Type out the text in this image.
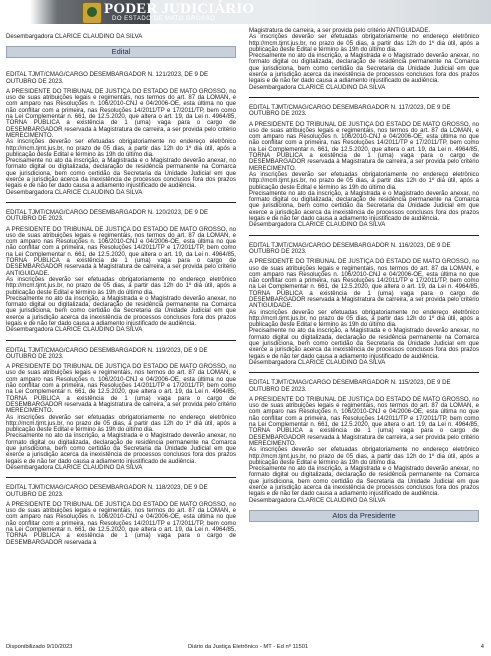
PODER JUDICIÁRIO
DO ESTADO DE MATO GROSSO

Desembargadora CLARICE CLAUDINO DA SILVA

Edital

EDITAL TJMT/CMAG/CARGO DESEMBARGADOR N. 121/2023, DE 9 DE OUTUBRO DE 2023.

A PRESIDENTE DO TRIBUNAL DE JUSTIÇA DO ESTADO DE MATO GROSSO, no uso de suas atribuições legais e regimentais, nos termos do art. 87 da LOMAN, e com amparo nas Resoluções n. 106/2010-CNJ e 04/2006-OE, esta última no que não conflitar com a primeira, nas Resoluções 14/2011/TP e 17/2011/TP, bem como na Lei Complementar n. 661, de 12.5.2020, que altera o art. 19, da Lei n. 4964/85, TORNA PÚBLICA a existência de 1 (uma) vaga para o cargo de DESEMBARGADOR reservada à Magistratura de carreira, a ser provida pelo critério MERECIMENTO.

As inscrições deverão ser efetuadas obrigatoriamente no endereço eletrônico http://mcm.tjmt.jus.br, no prazo de 05 dias, a partir das 12h do 1º dia útil, após a publicação deste Edital e término às 19h do último dia.

Precisamente no ato da inscrição, a Magistrada e o Magistrado deverão anexar, no formato digital ou digitalizada, declaração de residência permanente na Comarca que jurisdiciona, bem como certidão da Secretaria da Unidade Judicial em que exerce a jurisdição acerca da inexistência de processos conclusos fora dos prazos legais e de não ter dado causa a adiamento injustificado de audiência.

Desembargadora CLARICE CLAUDINO DA SILVA

EDITAL TJMT/CMAG/CARGO DESEMBARGADOR N. 120/2023, DE 9 DE OUTUBRO DE 2023.

A PRESIDENTE DO TRIBUNAL DE JUSTIÇA DO ESTADO DE MATO GROSSO, no uso de suas atribuições legais e regimentais, nos termos do art. 87 da LOMAN, e com amparo nas Resoluções n. 106/2010-CNJ e 04/2006-OE, esta última no que não conflitar com a primeira, nas Resoluções 14/2011/TP e 17/2011/TP, bem como na Lei Complementar n. 661, de 12.5.2020, que altera o art. 19, da Lei n. 4964/85, TORNA PÚBLICA a existência de 1 (uma) vaga para o cargo de DESEMBARGADOR reservada à Magistratura de carreira, a ser provida pelo critério ANTIGUIDADE.

As inscrições deverão ser efetuadas obrigatoriamente no endereço eletrônico http://mcm.tjmt.jus.br, no prazo de 05 dias, a partir das 12h do 1º dia útil, após a publicação deste Edital e término às 19h do último dia.

Precisamente no ato da inscrição, a Magistrada e o Magistrado deverão anexar, no formato digital ou digitalizada, declaração de residência permanente na Comarca que jurisdiciona, bem como certidão da Secretaria da Unidade Judicial em que exerce a jurisdição acerca da inexistência de processos conclusos fora dos prazos legais e de não ter dado causa a adiamento injustificado de audiência.

Desembargadora CLARICE CLAUDINO DA SILVA

EDITAL TJMT/CMAG/CARGO DESEMBARGADOR N. 119/2023, DE 9 DE OUTUBRO DE 2023.

A PRESIDENTE DO TRIBUNAL DE JUSTIÇA DO ESTADO DE MATO GROSSO, no uso de suas atribuições legais e regimentais, nos termos do art. 87 da LOMAN, e com amparo nas Resoluções n. 106/2010-CNJ e 04/2006-OE, esta última no que não conflitar com a primeira, nas Resoluções 14/2011/TP e 17/2011/TP, bem como na Lei Complementar n. 661, de 12.5.2020, que altera o art. 19, da Lei n. 4964/85, TORNA PÚBLICA a existência de 1 (uma) vaga para o cargo de DESEMBARGADOR reservada à Magistratura de carreira, a ser provida pelo critério MERECIMENTO.

As inscrições deverão ser efetuadas obrigatoriamente no endereço eletrônico http://mcm.tjmt.jus.br, no prazo de 05 dias, a partir das 12h do 1º dia útil, após a publicação deste Edital e término às 19h do último dia.

Precisamente no ato da inscrição, a Magistrada e o Magistrado deverão anexar, no formato digital ou digitalizada, declaração de residência permanente na Comarca que jurisdiciona, bem como certidão da Secretaria da Unidade Judicial em que exerce a jurisdição acerca da inexistência de processos conclusos fora dos prazos legais e de não ter dado causa a adiamento injustificado de audiência.

Desembargadora CLARICE CLAUDINO DA SILVA

EDITAL TJMT/CMAG/CARGO DESEMBARGADOR N. 118/2023, DE 9 DE OUTUBRO DE 2023.

A PRESIDENTE DO TRIBUNAL DE JUSTIÇA DO ESTADO DE MATO GROSSO, no uso de suas atribuições legais e regimentais, nos termos do art. 87 da LOMAN, e com amparo nas Resoluções n. 106/2010-CNJ e 04/2006-OE, esta última no que não conflitar com a primeira, nas Resoluções 14/2011/TP e 17/2011/TP, bem como na Lei Complementar n. 661, de 12.5.2020, que altera o art. 19, da Lei n. 4964/85, TORNA PÚBLICA a existência de 1 (uma) vaga para o cargo de DESEMBARGADOR reservada à

Magistratura de carreira, a ser provida pelo critério ANTIGUIDADE.

As inscrições deverão ser efetuadas obrigatoriamente no endereço eletrônico http://mcm.tjmt.jus.br, no prazo de 05 dias, a partir das 12h do 1º dia útil, após a publicação deste Edital e término às 19h do último dia.

Precisamente no ato da inscrição, a Magistrada e o Magistrado deverão anexar, no formato digital ou digitalizada, declaração de residência permanente na Comarca que jurisdiciona, bem como certidão da Secretaria da Unidade Judicial em que exerce a jurisdição acerca da inexistência de processos conclusos fora dos prazos legais e de não ter dado causa a adiamento injustificado de audiência.

Desembargadora CLARICE CLAUDINO DA SILVA

EDITAL TJMT/CMAG/CARGO DESEMBARGADOR N. 117/2023, DE 9 DE OUTUBRO DE 2023.

A PRESIDENTE DO TRIBUNAL DE JUSTIÇA DO ESTADO DE MATO GROSSO, no uso de suas atribuições legais e regimentais, nos termos do art. 87 da LOMAN, e com amparo nas Resoluções n. 106/2010-CNJ e 04/2006-OE, esta última no que não conflitar com a primeira, nas Resoluções 14/2011/TP e 17/2011/TP, bem como na Lei Complementar n. 661, de 12.5.2020, que altera o art. 19, da Lei n. 4964/85, TORNA PÚBLICA a existência de 1 (uma) vaga para o cargo de DESEMBARGADOR reservada à Magistratura de carreira, a ser provida pelo critério MERECIMENTO.

As inscrições deverão ser efetuadas obrigatoriamente no endereço eletrônico http://mcm.tjmt.jus.br, no prazo de 05 dias, a partir das 12h do 1º dia útil, após a publicação deste Edital e término às 19h do último dia.

Precisamente no ato da inscrição, a Magistrada e o Magistrado deverão anexar, no formato digital ou digitalizada, declaração de residência permanente na Comarca que jurisdiciona, bem como certidão da Secretaria da Unidade Judicial em que exerce a jurisdição acerca da inexistência de processos conclusos fora dos prazos legais e de não ter dado causa a adiamento injustificado de audiência.

Desembargadora CLARICE CLAUDINO DA SILVA

EDITAL TJMT/CMAG/CARGO DESEMBARGADOR N. 116/2023, DE 9 DE OUTUBRO DE 2023.

A PRESIDENTE DO TRIBUNAL DE JUSTIÇA DO ESTADO DE MATO GROSSO, no uso de suas atribuições legais e regimentais, nos termos do art. 87 da LOMAN, e com amparo nas Resoluções n. 106/2010-CNJ e 04/2006-OE, esta última no que não conflitar com a primeira, nas Resoluções 14/2011/TP e 17/2011/TP, bem como na Lei Complementar n. 661, de 12.5.2020, que altera o art. 19, da Lei n. 4964/85, TORNA PÚBLICA a existência de 1 (uma) vaga para o cargo de DESEMBARGADOR reservada à Magistratura de carreira, a ser provida pelo critério ANTIGUIDADE.

As inscrições deverão ser efetuadas obrigatoriamente no endereço eletrônico http://mcm.tjmt.jus.br, no prazo de 05 dias, a partir das 12h do 1º dia útil, após a publicação deste Edital e término às 19h do último dia.

Precisamente no ato da inscrição, a Magistrada e o Magistrado deverão anexar, no formato digital ou digitalizada, declaração de residência permanente na Comarca que jurisdiciona, bem como certidão da Secretaria da Unidade Judicial em que exerce a jurisdição acerca da inexistência de processos conclusos fora dos prazos legais e de não ter dado causa a adiamento injustificado de audiência.

Desembargadora CLARICE CLAUDINO DA SILVA

EDITAL TJMT/CMAG/CARGO DESEMBARGADOR N. 115/2023, DE 9 DE OUTUBRO DE 2023.

A PRESIDENTE DO TRIBUNAL DE JUSTIÇA DO ESTADO DE MATO GROSSO, no uso de suas atribuições legais e regimentais, nos termos do art. 87 da LOMAN, e com amparo nas Resoluções n. 106/2010-CNJ e 04/2006-OE, esta última no que não conflitar com a primeira, nas Resoluções 14/2011/TP e 17/2011/TP, bem como na Lei Complementar n. 661, de 12.5.2020, que altera o art. 19, da Lei n. 4964/85, TORNA PÚBLICA a existência de 1 (uma) vaga para o cargo de DESEMBARGADOR reservada à Magistratura de carreira, a ser provida pelo critério MERECIMENTO.

As inscrições deverão ser efetuadas obrigatoriamente no endereço eletrônico http://mcm.tjmt.jus.br, no prazo de 05 dias, a partir das 12h do 1º dia útil, após a publicação deste Edital e término às 19h do último dia.

Precisamente no ato da inscrição, a Magistrada e o Magistrado deverão anexar, no formato digital ou digitalizada, declaração de residência permanente na Comarca que jurisdiciona, bem como certidão da Secretaria da Unidade Judicial em que exerce a jurisdição acerca da inexistência de processos conclusos fora dos prazos legais e de não ter dado causa a adiamento injustificado de audiência.

Desembargadora CLARICE CLAUDINO DA SILVA

Atos da Presidente
Disponibilizado 9/10/2023	Diário da Justiça Eletrônico - MT - Ed nº 11501	4
